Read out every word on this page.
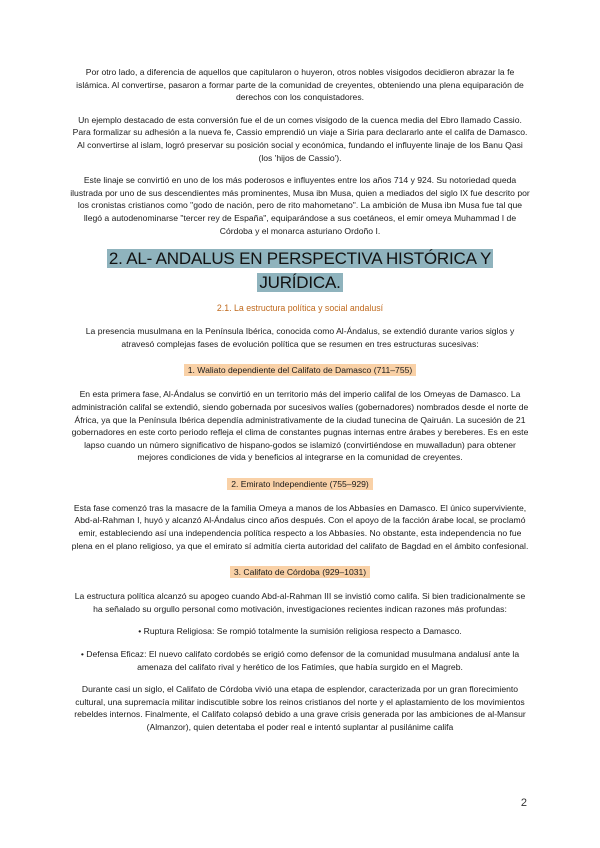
Por otro lado, a diferencia de aquellos que capitularon o huyeron, otros nobles visigodos decidieron abrazar la fe islámica. Al convertirse, pasaron a formar parte de la comunidad de creyentes, obteniendo una plena equiparación de derechos con los conquistadores.

Un ejemplo destacado de esta conversión fue el de un comes visigodo de la cuenca media del Ebro llamado Cassio. Para formalizar su adhesión a la nueva fe, Cassio emprendió un viaje a Siria para declararlo ante el califa de Damasco. Al convertirse al islam, logró preservar su posición social y económica, fundando el influyente linaje de los Banu Qasi (los 'hijos de Cassio').

Este linaje se convirtió en uno de los más poderosos e influyentes entre los años 714 y 924. Su notoriedad queda ilustrada por uno de sus descendientes más prominentes, Musa ibn Musa, quien a mediados del siglo IX fue descrito por los cronistas cristianos como "godo de nación, pero de rito mahometano". La ambición de Musa ibn Musa fue tal que llegó a autodenominarse "tercer rey de España", equiparándose a sus coetáneos, el emir omeya Muhammad I de Córdoba y el monarca asturiano Ordoño I.

2. AL- ANDALUS EN PERSPECTIVA HISTÓRICA Y JURÍDICA.

2.1. La estructura política y social andalusí

La presencia musulmana en la Península Ibérica, conocida como Al-Ándalus, se extendió durante varios siglos y atravesó complejas fases de evolución política que se resumen en tres estructuras sucesivas:

1. Waliato dependiente del Califato de Damasco (711–755)

En esta primera fase, Al-Ándalus se convirtió en un territorio más del imperio califal de los Omeyas de Damasco. La administración califal se extendió, siendo gobernada por sucesivos walíes (gobernadores) nombrados desde el norte de África, ya que la Península Ibérica dependía administrativamente de la ciudad tunecina de Qairuán. La sucesión de 21 gobernadores en este corto periodo refleja el clima de constantes pugnas internas entre árabes y bereberes. Es en este lapso cuando un número significativo de hispano-godos se islamizó (convirtiéndose en muwalladun) para obtener mejores condiciones de vida y beneficios al integrarse en la comunidad de creyentes.

2. Emirato Independiente (755–929)

Esta fase comenzó tras la masacre de la familia Omeya a manos de los Abbasíes en Damasco. El único superviviente, Abd-al-Rahman I, huyó y alcanzó Al-Ándalus cinco años después. Con el apoyo de la facción árabe local, se proclamó emir, estableciendo así una independencia política respecto a los Abbasíes. No obstante, esta independencia no fue plena en el plano religioso, ya que el emirato sí admitía cierta autoridad del califato de Bagdad en el ámbito confesional.

3. Califato de Córdoba (929–1031)

La estructura política alcanzó su apogeo cuando Abd-al-Rahman III se invistió como califa. Si bien tradicionalmente se ha señalado su orgullo personal como motivación, investigaciones recientes indican razones más profundas:

• Ruptura Religiosa: Se rompió totalmente la sumisión religiosa respecto a Damasco.

• Defensa Eficaz: El nuevo califato cordobés se erigió como defensor de la comunidad musulmana andalusí ante la amenaza del califato rival y herético de los Fatimíes, que había surgido en el Magreb.

Durante casi un siglo, el Califato de Córdoba vivió una etapa de esplendor, caracterizada por un gran florecimiento cultural, una supremacía militar indiscutible sobre los reinos cristianos del norte y el aplastamiento de los movimientos rebeldes internos. Finalmente, el Califato colapsó debido a una grave crisis generada por las ambiciones de al-Mansur (Almanzor), quien detentaba el poder real e intentó suplantar al pusilánime califa

2
